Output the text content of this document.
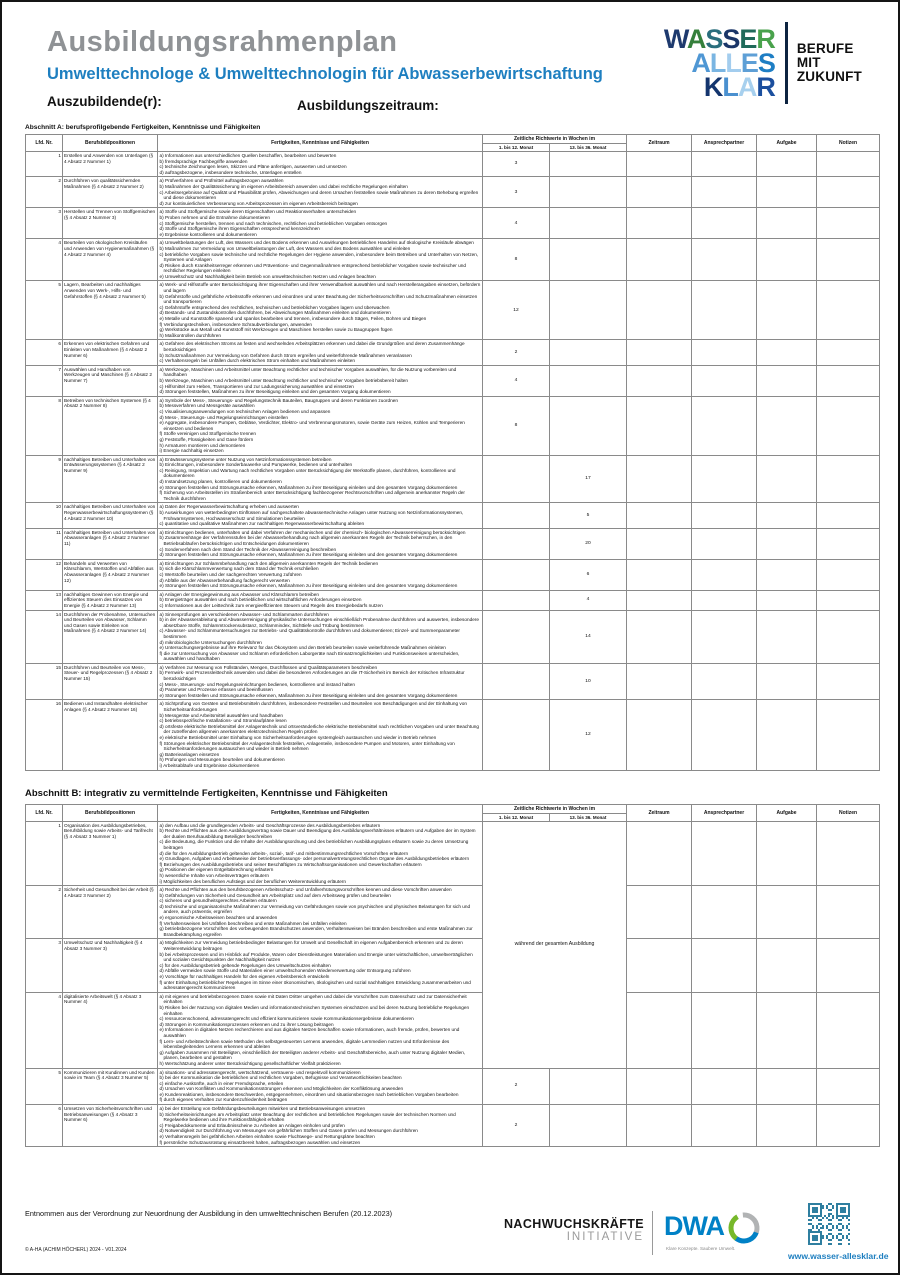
Ausbildungsrahmenplan
Umwelttechnologe & Umwelttechnologin für Abwasserbewirtschaftung
Auszubildende(r):	Ausbildungszeitraum:
WASSER
ALLES
KLAR
BERUFE
MIT
ZUKUNFT
Abschnitt A: berufsprofilgebende Fertigkeiten, Kenntnisse und Fähigkeiten
Lfd. Nr.	Berufsbildpositionen	Fertigkeiten, Kenntnisse und Fähigkeiten	Zeitliche Richtwerte in Wochen im		Zeitraum	Ansprechpartner	Aufgabe	Notizen
			1. bis 12. Monat	13. bis 36. Monat				
1	Erstellen und Anwenden von Unterlagen (§ 4 Absatz 2 Nummer 1)	a) Informationen aus unterschiedlichen Quellen beschaffen, bearbeiten und bewerten
b) fremdsprachige Fachbegriffe anwenden
c) technische Zeichnungen lesen, Skizzen und Pläne anfertigen, auswerten und umsetzen
d) auftragsbezogene, insbesondere technische, Unterlagen erstellen	3					
2	Durchführen von qualitätssichernden Maßnahmen (§ 4 Absatz 2 Nummer 2)	a) Prüfverfahren und Prüfmittel auftragsbezogen auswählen
b) Maßnahmen der Qualitätssicherung im eigenen Arbeitsbereich anwenden und dabei rechtliche Regelungen einhalten
c) Arbeitsergebnisse auf Qualität und Plausibilität prüfen, Abweichungen und deren Ursachen feststellen sowie Maßnahmen zu deren Behebung ergreifen und diese dokumentieren
d) zur kontinuierlichen Verbesserung von Arbeitsprozessen im eigenen Arbeitsbereich beitragen	3					
3	Herstellen und Trennen von Stoffgemischen (§ 4 Absatz 2 Nummer 3)	a) Stoffe und Stoffgemische sowie deren Eigenschaften und Reaktionsverhalten unterscheiden
b) Proben nehmen und die Entnahme dokumentieren
c) Stoffgemische herstellen, trennen und nach technischen, rechtlichen und betrieblichen Vorgaben entsorgen
d) Stoffe und Stoffgemische ihren Eigenschaften entsprechend kennzeichnen
e) Ergebnisse kontrollieren und dokumentieren	4					
4	Beurteilen von ökologischen Kreisläufen und Anwenden von Hygienemaßnahmen (§ 4 Absatz 2 Nummer 4)	a) Umweltbelastungen der Luft, des Wassers und des Bodens erkennen und Auswirkungen betrieblichen Handelns auf ökologische Kreisläufe abwägen
b) Maßnahmen zur Vermeidung von Umweltbelastungen der Luft, des Wassers und des Bodens auswählen und einleiten
c) betriebliche Vorgaben sowie technische und rechtliche Regelungen der Hygiene anwenden, insbesondere beim Betreiben und Unterhalten von Netzen, Systemen und Anlagen
d) Risiken durch Krankheitserreger erkennen und Präventions- und Gegenmaßnahmen entsprechend betrieblicher Vorgaben sowie technischer und rechtlicher Regelungen einleiten
e) Umweltschutz und Nachhaltigkeit beim Betrieb von umwelttechnischen Netzen und Anlagen beachten	8					
5	Lagern, Bearbeiten und nachhaltiges Anwenden von Werk-, Hilfs- und Gefahrstoffen (§ 4 Absatz 2 Nummer 5)	
a) Werk- und Hilfsstoffe unter Berücksichtigung ihrer Eigenschaften und ihrer Verwendbarkeit auswählen und nach Herstellerangaben einsetzen, befördern und lagern
b) Gefahrstoffe und gefährliche Arbeitsstoffe erkennen und einordnen und unter Beachtung der Sicherheitsvorschriften und Schutzmaßnahmen einsetzen und transportieren
c) Gefahrstoffe entsprechend den rechtlichen, technischen und betrieblichen Vorgaben lagern und überwachen
d) Bestands- und Zustandskontrollen durchführen, bei Abweichungen Maßnahmen einleiten und dokumentieren
e) Metalle und Kunststoffe spanend und spanlos bearbeiten und trennen, insbesondere durch Sägen, Feilen, Bohren und Biegen
f) Verbindungstechniken, insbesondere Schraubverbindungen, anwenden
g) Werkstücke aus Metall und Kunststoff mit Werkzeugen und Maschinen herstellen sowie zu Baugruppen fügen
h) Maßkontrollen durchführen
	12					
6	Erkennen von elektrischen Gefahren und Einleiten von Maßnahmen (§ 4 Absatz 2 Nummer 6)	a) Gefahren des elektrischen Stroms an festen und wechselnden Arbeitsplätzen erkennen und dabei die Grundgrößen und deren Zusammenhänge berücksichtigen
b) Schutzmaßnahmen zur Vermeidung von Gefahren durch Strom ergreifen und weiterführende Maßnahmen veranlassen
c) Verhaltensregeln bei Unfällen durch elektrischen Strom einhalten und Maßnahmen einleiten	2					
7	Auswählen und Handhaben von Werkzeugen und Maschinen (§ 4 Absatz 2 Nummer 7)	a) Werkzeuge, Maschinen und Arbeitsmittel unter Beachtung rechtlicher und technischer Vorgaben auswählen, für die Nutzung vorbereiten und handhaben
b) Werkzeuge, Maschinen und Arbeitsmittel unter Beachtung rechtlicher und technischer Vorgaben betriebsbereit halten
c) Hilfsmittel zum Heben, Transportieren und zur Ladungssicherung auswählen und einsetzen
d) Störungen feststellen, Maßnahmen zu ihrer Beseitigung einleiten und den gesamten Vorgang dokumentieren	4					
8	Betreiben von technischen Systemen (§ 4 Absatz 2 Nummer 8)	
a) Symbole der Mess-, Steuerungs- und Regelungstechnik Bauteilen, Baugruppen und deren Funktionen zuordnen
b) Messverfahren und Messgeräte auswählen
c) Visualisierungsanwendungen von technischen Anlagen bedienen und anpassen
d) Mess-, Steuerungs- und Regelungseinrichtungen einstellen
e) Aggregate, insbesondere Pumpen, Gebläse, Verdichter, Elektro- und Verbrennungsmotoren, sowie Geräte zum Heizen, Kühlen und Temperieren einsetzen und bedienen
f) Stoffe vereinigen und Stoffgemische trennen
g) Feststoffe, Flüssigkeiten und Gase fördern
h) Armaturen montieren und demontieren
i) Energie nachhaltig einsetzen
	8					
9	nachhaltiges Betreiben und Unterhalten von Entwässerungssystemen (§ 4 Absatz 2 Nummer 9)	
a) Entwässerungssysteme unter Nutzung von Netzinformationssystemen betreiben
b) Einrichtungen, insbesondere Sonderbauwerke und Pumpwerke, bedienen und unterhalten
c) Reinigung, Inspektion und Wartung nach rechtlichen Vorgaben unter Berücksichtigung der Werkstoffe planen, durchführen, kontrollieren und dokumentieren
d) Instandsetzung planen, kontrollieren und dokumentieren
e) Störungen feststellen und Störungsursache erkennen, Maßnahmen zu ihrer Beseitigung einleiten und den gesamten Vorgang dokumentieren
f) Sicherung von Arbeitsstellen im Straßenbereich unter Berücksichtigung fachbezogener Rechtsvorschriften und allgemein anerkannter Regeln der Technik durchführen
		17				
10	nachhaltiges Betreiben und Unterhalten von Regenwasserbewirtschaftungssystemen (§ 4 Absatz 2 Nummer 10)	a) Daten der Regenwasserbewirtschaftung erheben und auswerten
b) Auswirkungen von wetterbedingten Einflüssen auf nachgeschaltete abwassertechnische Anlagen unter Nutzung von Netzinformationssystemen, Frühwarnsystemen, Hochwasserschutz und Simulationen beurteilen
c) quantitative und qualitative Maßnahmen zur nachhaltigen Regenwasserbewirtschaftung ableiten		5				
11	nachhaltiges Betreiben und Unterhalten von Abwasseranlagen (§ 4 Absatz 2 Nummer 11)	a) Einrichtungen bedienen, unterhalten und dabei Verfahren der mechanischen und der chemisch- biologischen Abwasserreinigung berücksichtigen
b) Zusammenhänge der Verfahrensstufen bei der Abwasserbehandlung nach allgemein anerkannten Regeln der Technik beherrschen, in den Betriebsabläufen berücksichtigen und Entscheidungen dokumentieren
c) Sonderverfahren nach dem Stand der Technik der Abwasserreinigung beschreiben
d) Störungen feststellen und Störungsursache erkennen, Maßnahmen zu ihrer Beseitigung einleiten und den gesamten Vorgang dokumentieren		20				
12	Behandeln und Verwerten von Klärschlamm, Wertstoffen und Abfällen aus Abwasseranlagen (§ 4 Absatz 2 Nummer 12)	a) Einrichtungen zur Schlammbehandlung nach den allgemein anerkannten Regeln der Technik bedienen
b) sich die Klärschlammverwertung nach dem Stand der Technik erschließen
c) Wertstoffe beurteilen und der sachgerechten Verwertung zuführen
d) Abfälle aus der Abwasserbehandlung fachgerecht verwerten
e) Störungen feststellen und Störungsursache erkennen, Maßnahmen zu ihrer Beseitigung einleiten und den gesamten Vorgang dokumentieren		6				
13	nachhaltiges Gewinnen von Energie und effizientes Steuern des Einsatzes von Energie (§ 4 Absatz 2 Nummer 13)	a) Anlagen der Energiegewinnung aus Abwasser und Klärschlamm betreiben
b) Energieträger auswählen und nach betrieblichen und wirtschaftlichen Anforderungen einsetzen
c) Informationen aus der Leittechnik zum energieeffizienten Steuern und Regeln des Energiebedarfs nutzen		4				
14	Durchführen der Probenahme, Untersuchen und Beurteilen von Abwasser, Schlamm und Gasen sowie Einleiten von Maßnahmen (§ 4 Absatz 2 Nummer 14)	
a) Sinnesprüfungen an verschiedenen Abwasser- und Schlammarten durchführen
b) in der Abwasserableitung und Abwasserreinigung physikalische Untersuchungen einschließlich Probenahme durchführen und auswerten, insbesondere absetzbare Stoffe, Schlammtrockensubstanz, Schlammindex, Sichttiefe und Trübung bestimmen
c) Abwasser- und Schlammuntersuchungen zur Betriebs- und Qualitätskontrolle durchführen und dokumentieren; Einzel- und Summenparameter bestimmen
d) mikrobiologische Untersuchungen durchführen
e) Untersuchungsergebnisse auf ihre Relevanz für das Ökosystem und den Betrieb beurteilen sowie weiterführende Maßnahmen einleiten
f) die zur Untersuchung von Abwasser und Schlamm erforderlichen Laborgeräte nach Einsatzmöglichkeiten und Funktionsweisen unterscheiden, auswählen und handhaben
		14				
15	Durchführen und Beurteilen von Mess-, Steuer- und Regelprozessen (§ 4 Absatz 2 Nummer 15)	a) Verfahren zur Messung von Füllständen, Mengen, Durchflüssen und Qualitätsparametern beschreiben
b) Fernwirk- und Prozessleittechnik anwenden und dabei die besonderen Anforderungen an die IT-Sicherheit im Bereich der Kritischen Infrastruktur berücksichtigen
c) Mess-, Steuerungs- und Regelungseinrichtungen bedienen, kontrollieren und instand halten
d) Parameter und Prozesse erfassen und beeinflussen
e) Störungen feststellen und Störungsursache erkennen, Maßnahmen zu ihrer Beseitigung einleiten und den gesamten Vorgang dokumentieren		10				
16	Bedienen und Instandhalten elektrischer Anlagen (§ 4 Absatz 2 Nummer 16)	
a) Sichtprüfung von Geräten und Betriebsmitteln durchführen, insbesondere Feststellen und Beurteilen von Beschädigungen und der Einhaltung von Sicherheitsanforderungen
b) Messgeräte und Arbeitsmittel auswählen und handhaben
c) betriebsspezifische Installations- und Stromlaufpläne lesen
d) ortsfeste elektrische Betriebsmittel der Anlagentechnik und ortsveränderliche elektrische Betriebsmittel nach rechtlichen Vorgaben und unter Beachtung der zutreffenden allgemein anerkannten elektrotechnischen Regeln prüfen
e) elektrische Betriebsmittel unter Einhaltung von Sicherheitsanforderungen systemgleich austauschen und wieder in Betrieb nehmen
f) Störungen elektrischer Betriebsmittel der Anlagentechnik feststellen, Anlagenteile, insbesondere Pumpen und Motoren, unter Einhaltung von Sicherheitsanforderungen austauschen und wieder in Betrieb nehmen
g) Batterieanlagen einsetzen
h) Prüfungen und Messungen beurteilen und dokumentieren
i) Arbeitsabläufe und Ergebnisse dokumentieren
		12				
Abschnitt B: integrativ zu vermittelnde Fertigkeiten, Kenntnisse und Fähigkeiten
Lfd. Nr.	Berufsbildpositionen	Fertigkeiten, Kenntnisse und Fähigkeiten	Zeitliche Richtwerte in Wochen im		Zeitraum	Ansprechpartner	Aufgabe	Notizen
			1. bis 12. Monat	13. bis 36. Monat				
1	Organisation des Ausbildungsbetriebes, Berufsbildung sowie Arbeits- und Tarifrecht (§ 4 Absatz 3 Nummer 1)	
a) den Aufbau und die grundlegenden Arbeits- und Geschäftsprozesse des Ausbildungsbetriebes erläutern
b) Rechte und Pflichten aus dem Ausbildungsvertrag sowie Dauer und Beendigung des Ausbildungsverhältnisses erläutern und Aufgaben der im System der dualen Berufsausbildung Beteiligter beschreiben
c) die Bedeutung, die Funktion und die Inhalte der Ausbildungsordnung und des betrieblichen Ausbildungsplans erläutern sowie zu deren Umsetzung beitragen
d) die für den Ausbildungsbetrieb geltenden arbeits-, sozial-, tarif- und mitbestimmungsrechtlichen Vorschriften erläutern
e) Grundlagen, Aufgaben und Arbeitsweise der betriebsverfassungs- oder personalvertretungsrechtlichen Organe des Ausbildungsbetriebes erläutern
f) Beziehungen des Ausbildungsbetriebs und seiner Beschäftigten zu Wirtschaftsorganisationen und Gewerkschaften erläutern
g) Positionen der eigenen Entgeltabrechnung erläutern
h) wesentliche Inhalte von Arbeitsverträgen erläutern
i) Möglichkeiten des beruflichen Aufstiegs und der beruflichen Weiterentwicklung erläutern
	während der gesamten Ausbildung				
2	Sicherheit und Gesundheit bei der Arbeit (§ 4 Absatz 3 Nummer 2)	
a) Rechte und Pflichten aus den berufsbezogenen Arbeitsschutz- und Unfallverhütungsvorschriften kennen und diese Vorschriften anwenden
b) Gefährdungen von Sicherheit und Gesundheit am Arbeitsplatz und auf dem Arbeitsweg prüfen und beurteilen
c) sicheres und gesundheitsgerechtes Arbeiten erläutern
d) technische und organisatorische Maßnahmen zur Vermeidung von Gefährdungen sowie von psychischen und physischen Belastungen für sich und andere, auch präventiv, ergreifen
e) ergonomische Arbeitsweisen beachten und anwenden
f) Verhaltensweisen bei Unfällen beschreiben und erste Maßnahmen bei Unfällen einleiten
g) betriebsbezogene Vorschriften des vorbeugenden Brandschutzes anwenden, Verhaltensweisen bei Bränden beschreiben und erste Maßnahmen zur Brandbekämpfung ergreifen

3	Umweltschutz und Nachhaltigkeit (§ 4 Absatz 3 Nummer 3)	
a) Möglichkeiten zur Vermeidung betriebsbedingter Belastungen für Umwelt und Gesellschaft im eigenen Aufgabenbereich erkennen und zu deren Weiterentwicklung beitragen
b) bei Arbeitsprozessen und im Hinblick auf Produkte, Waren oder Dienstleistungen Materialien und Energie unter wirtschaftlichen, umweltverträglichen und sozialen Gesichtspunkten der Nachhaltigkeit nutzen
c) für den Ausbildungsbetrieb geltende Regelungen des Umweltschutzes einhalten
d) Abfälle vermeiden sowie Stoffe und Materialien einer umweltschonenden Wiederverwertung oder Entsorgung zuführen
e) Vorschläge für nachhaltiges Handeln für den eigenen Arbeitsbereich entwickeln
f) unter Einhaltung betrieblicher Regelungen im Sinne einer ökonomischen, ökologischen und sozial nachhaltigen Entwicklung zusammenarbeiten und adressatengerecht kommunizieren

4	digitalisierte Arbeitswelt (§ 4 Absatz 3 Nummer 4)	
a) mit eigenen und betriebsbezogenen Daten sowie mit Daten Dritter umgehen und dabei die Vorschriften zum Datenschutz und zur Datensicherheit einhalten
b) Risiken bei der Nutzung von digitalen Medien und informationstechnischen Systemen einschätzen und bei deren Nutzung betriebliche Regelungen einhalten
c) ressourcenschonend, adressatengerecht und effizient kommunizieren sowie Kommunikationsergebnisse dokumentieren
d) Störungen in Kommunikationsprozessen erkennen und zu ihrer Lösung beitragen
e) Informationen in digitalen Netzen recherchieren und aus digitalen Netzen beschaffen sowie Informationen, auch fremde, prüfen, bewerten und auswählen
f) Lern- und Arbeitstechniken sowie Methoden des selbstgesteuerten Lernens anwenden, digitale Lernmedien nutzen und Erfordernisse des lebensbegleitenden Lernens erkennen und ableiten
g) Aufgaben zusammen mit Beteiligten, einschließlich der Beteiligten anderer Arbeits- und Geschäftsbereiche, auch unter Nutzung digitaler Medien, planen, bearbeiten und gestalten
h) Wertschätzung anderer unter Berücksichtigung gesellschaftlicher Vielfalt praktizieren

5	Kommunizieren mit Kundinnen und Kunden sowie im Team (§ 4 Absatz 3 Nummer 5)	
a) situations- und adressatengerecht, wertschätzend, vertrauens- und respektvoll kommunizieren
b) bei der Kommunikation die betrieblichen und rechtlichen Vorgaben, Befugnisse und Verantwortlichkeiten beachten
c) einfache Auskünfte, auch in einer Fremdsprache, erteilen
d) Ursachen von Konflikten und Kommunikationsstörungen erkennen und Möglichkeiten der Konfliktlösung anwenden
e) Kundenreaktionen, insbesondere Beschwerden, entgegennehmen, einordnen und situationsbezogen nach betrieblichen Vorgaben bearbeiten
f) durch eigenes Verhalten zur Kundenzufriedenheit beitragen
	2					
6	Umsetzen von Sicherheitsvorschriften und Betriebsanweisungen (§ 4 Absatz 3 Nummer 6)	
a) bei der Erstellung von Gefährdungsbeurteilungen mitwirken und Betriebsanweisungen umsetzen
b) Sicherheitseinrichtungen am Arbeitsplatz unter Beachtung der rechtlichen und betrieblichen Regelungen sowie der technischen Normen und Regelwerke bedienen und ihre Funktionsfähigkeit erhalten
c) Freigabedokumente und Erlaubnisscheine zu Arbeiten an Anlagen einholen und prüfen
d) Notwendigkeit zur Durchführung von Messungen von gefährlichen Stoffen und Gasen prüfen und Messungen durchführen
e) Verhaltensregeln bei gefährlichen Arbeiten einhalten sowie Fluchtwege- und Rettungspläne beachten
f) persönliche Schutzausrüstung einsatzbereit halten, auftragsbezogen auswählen und einsetzen
	2					
Entnommen aus der Verordnung zur Neuordnung der Ausbildung in den umwelttechnischen Berufen (20.12.2023)
© A-HA (ACHIM HÖCHERL) 2024 - V01.2024
NACHWUCHSKRÄFTE
INITIATIVE DWA
Klare Konzepte. Saubere Umwelt.
www.wasser-allesklar.de
